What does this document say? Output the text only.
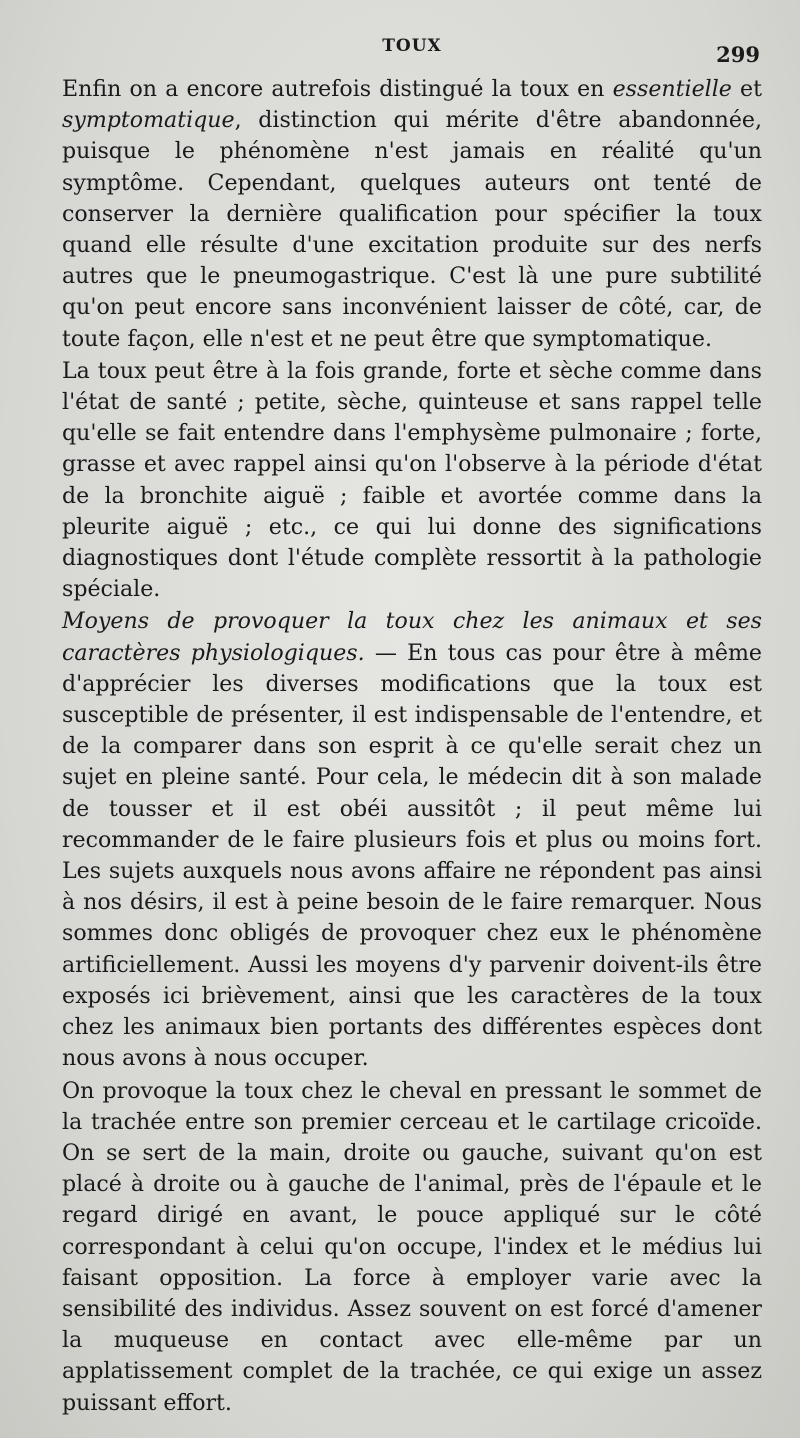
TOUX	299

Enfin on a encore autrefois distingué la toux en essentielle et symptomatique, distinction qui mérite d'être abandonnée, puisque le phénomène n'est jamais en réalité qu'un symptôme. Cependant, quelques auteurs ont tenté de conserver la dernière qualification pour spécifier la toux quand elle résulte d'une excitation produite sur des nerfs autres que le pneumogastrique. C'est là une pure subtilité qu'on peut encore sans inconvénient laisser de côté, car, de toute façon, elle n'est et ne peut être que symptomatique.

La toux peut être à la fois grande, forte et sèche comme dans l'état de santé ; petite, sèche, quinteuse et sans rappel telle qu'elle se fait entendre dans l'emphysème pulmonaire ; forte, grasse et avec rappel ainsi qu'on l'observe à la période d'état de la bronchite aiguë ; faible et avortée comme dans la pleurite aiguë ; etc., ce qui lui donne des significations diagnostiques dont l'étude complète ressortit à la pathologie spéciale.

Moyens de provoquer la toux chez les animaux et ses caractères physiologiques. — En tous cas pour être à même d'apprécier les diverses modifications que la toux est susceptible de présenter, il est indispensable de l'entendre, et de la comparer dans son esprit à ce qu'elle serait chez un sujet en pleine santé. Pour cela, le médecin dit à son malade de tousser et il est obéi aussitôt ; il peut même lui recommander de le faire plusieurs fois et plus ou moins fort. Les sujets auxquels nous avons affaire ne répondent pas ainsi à nos désirs, il est à peine besoin de le faire remarquer. Nous sommes donc obligés de provoquer chez eux le phénomène artificiellement. Aussi les moyens d'y parvenir doivent-ils être exposés ici brièvement, ainsi que les caractères de la toux chez les animaux bien portants des différentes espèces dont nous avons à nous occuper.

On provoque la toux chez le cheval en pressant le sommet de la trachée entre son premier cerceau et le cartilage cricoïde. On se sert de la main, droite ou gauche, suivant qu'on est placé à droite ou à gauche de l'animal, près de l'épaule et le regard dirigé en avant, le pouce appliqué sur le côté correspondant à celui qu'on occupe, l'index et le médius lui faisant opposition. La force à employer varie avec la sensibilité des individus. Assez souvent on est forcé d'amener la muqueuse en contact avec elle-même par un applatissement complet de la trachée, ce qui exige un assez puissant effort.
